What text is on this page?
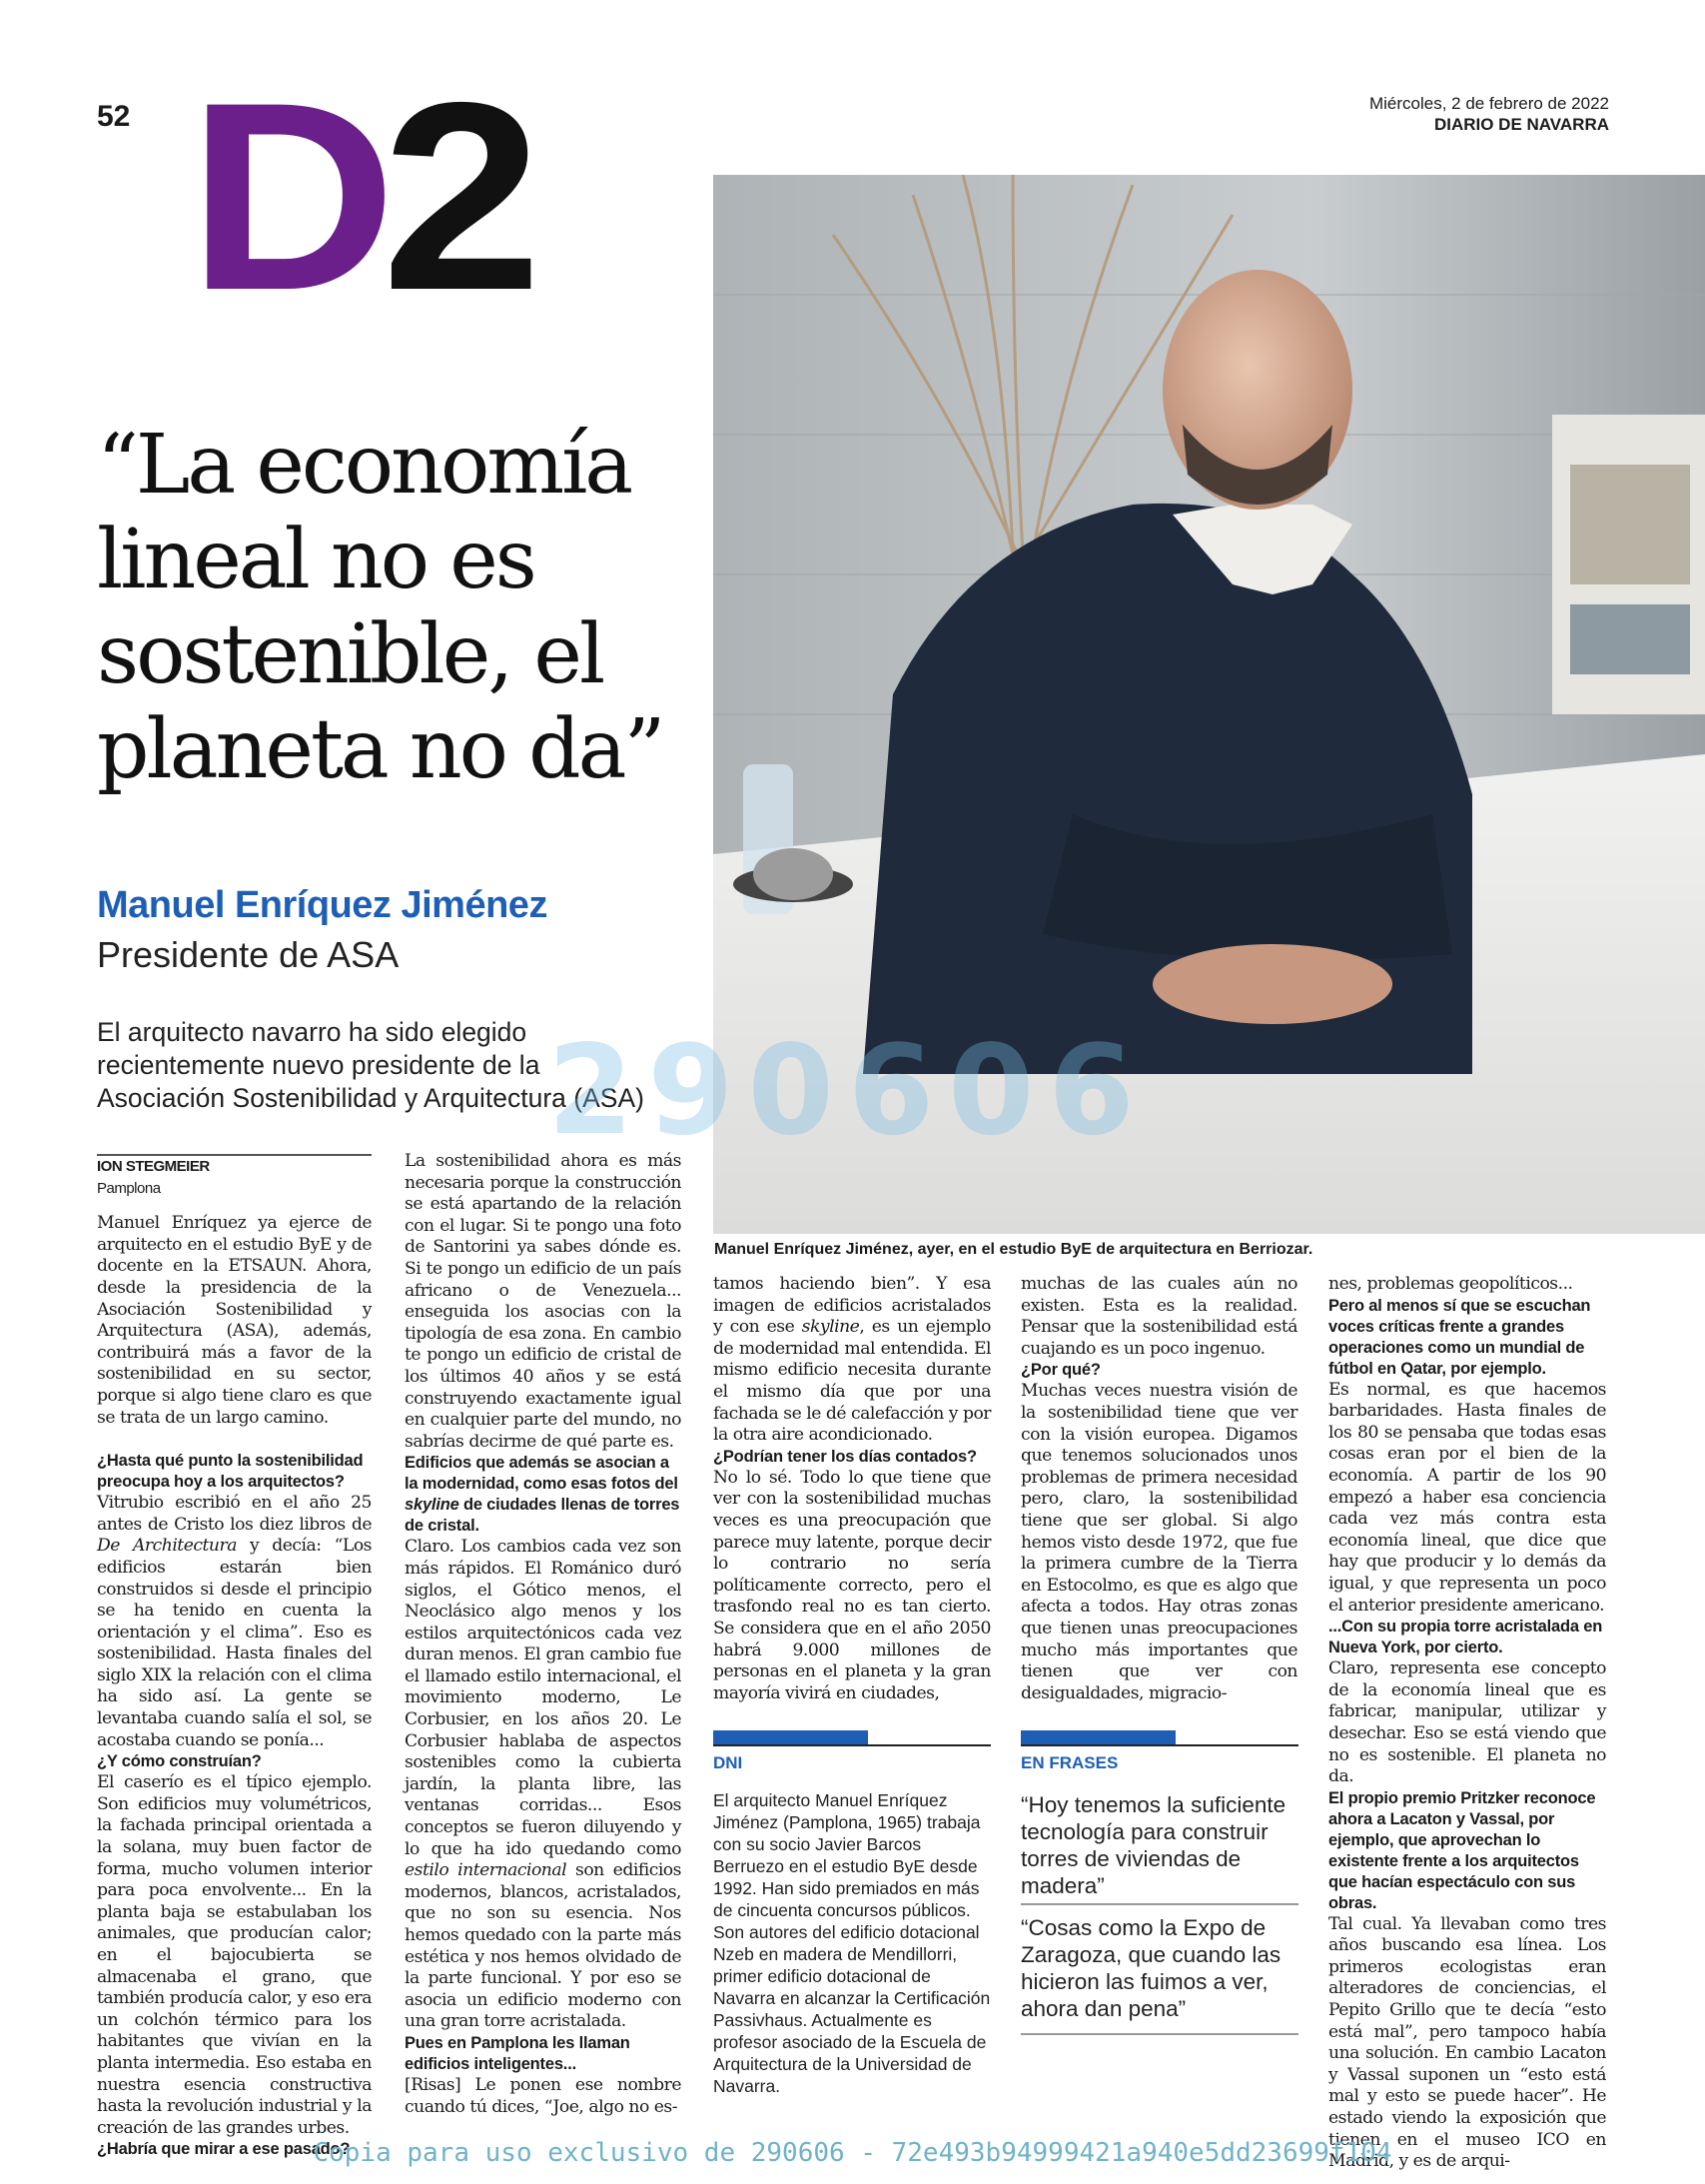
52 D2	Miércoles, 2 de febrero de 2022
DIARIO DE NAVARRA
“La economía lineal no es sostenible, el planeta no da”
Manuel Enríquez Jiménez
Presidente de ASA
El arquitecto navarro ha sido elegido recientemente nuevo presidente de la Asociación Sostenibilidad y Arquitectura (ASA)
290606
Manuel Enríquez Jiménez, ayer, en el estudio ByE de arquitectura en Berriozar.
ION STEGMEIER
Pamplona

Manuel Enríquez ya ejerce de arquitecto en el estudio ByE y de docente en la ETSAUN. Ahora, desde la presidencia de la Asociación Sostenibilidad y Arquitectura (ASA), además, contribuirá más a favor de la sostenibilidad en su sector, porque si algo tiene claro es que se trata de un largo camino.

¿Hasta qué punto la sostenibilidad preocupa hoy a los arquitectos?

Vitrubio escribió en el año 25 antes de Cristo los diez libros de De Architectura y decía: “Los edificios estarán bien construidos si desde el principio se ha tenido en cuenta la orientación y el clima”. Eso es sostenibilidad. Hasta finales del siglo XIX la relación con el clima ha sido así. La gente se levantaba cuando salía el sol, se acostaba cuando se ponía...

¿Y cómo construían?

El caserío es el típico ejemplo. Son edificios muy volumétricos, la fachada principal orientada a la solana, muy buen factor de forma, mucho volumen interior para poca envolvente... En la planta baja se estabulaban los animales, que producían calor; en el bajocubierta se almacenaba el grano, que también producía calor, y eso era un colchón térmico para los habitantes que vivían en la planta intermedia. Eso estaba en nuestra esencia constructiva hasta la revolución industrial y la creación de las grandes urbes.

¿Habría que mirar a ese pasado?

La sostenibilidad ahora es más necesaria porque la construcción se está apartando de la relación con el lugar. Si te pongo una foto de Santorini ya sabes dónde es. Si te pongo un edificio de un país africano o de Venezuela... enseguida los asocias con la tipología de esa zona. En cambio te pongo un edificio de cristal de los últimos 40 años y se está construyendo exactamente igual en cualquier parte del mundo, no sabrías decirme de qué parte es.

Edificios que además se asocian a la modernidad, como esas fotos del skyline de ciudades llenas de torres de cristal.

Claro. Los cambios cada vez son más rápidos. El Románico duró siglos, el Gótico menos, el Neoclásico algo menos y los estilos arquitectónicos cada vez duran menos. El gran cambio fue el llamado estilo internacional, el movimiento moderno, Le Corbusier, en los años 20. Le Corbusier hablaba de aspectos sostenibles como la cubierta jardín, la planta libre, las ventanas corridas... Esos conceptos se fueron diluyendo y lo que ha ido quedando como estilo internacional son edificios modernos, blancos, acristalados, que no son su esencia. Nos hemos quedado con la parte más estética y nos hemos olvidado de la parte funcional. Y por eso se asocia un edificio moderno con una gran torre acristalada.

Pues en Pamplona les llaman edificios inteligentes...

[Risas] Le ponen ese nombre cuando tú dices, “Joe, algo no es-

tamos haciendo bien”. Y esa imagen de edificios acristalados y con ese skyline, es un ejemplo de modernidad mal entendida. El mismo edificio necesita durante el mismo día que por una fachada se le dé calefacción y por la otra aire acondicionado.

¿Podrían tener los días contados?

No lo sé. Todo lo que tiene que ver con la sostenibilidad muchas veces es una preocupación que parece muy latente, porque decir lo contrario no sería políticamente correcto, pero el trasfondo real no es tan cierto. Se considera que en el año 2050 habrá 9.000 millones de personas en el planeta y la gran mayoría vivirá en ciudades,

DNI
El arquitecto Manuel Enríquez Jiménez (Pamplona, 1965) trabaja con su socio Javier Barcos Berruezo en el estudio ByE desde 1992. Han sido premiados en más de cincuenta concursos públicos. Son autores del edificio dotacional Nzeb en madera de Mendillorri, primer edificio dotacional de Navarra en alcanzar la Certificación Passivhaus. Actualmente es profesor asociado de la Escuela de Arquitectura de la Universidad de Navarra.

muchas de las cuales aún no existen. Esta es la realidad. Pensar que la sostenibilidad está cuajando es un poco ingenuo.

¿Por qué?

Muchas veces nuestra visión de la sostenibilidad tiene que ver con la visión europea. Digamos que tenemos solucionados unos problemas de primera necesidad pero, claro, la sostenibilidad tiene que ser global. Si algo hemos visto desde 1972, que fue la primera cumbre de la Tierra en Estocolmo, es que es algo que afecta a todos. Hay otras zonas que tienen unas preocupaciones mucho más importantes que tienen que ver con desigualdades, migracio-

EN FRASES
“Hoy tenemos la suficiente tecnología para construir torres de viviendas de madera”
“Cosas como la Expo de Zaragoza, que cuando las hicieron las fuimos a ver, ahora dan pena”

nes, problemas geopolíticos...

Pero al menos sí que se escuchan voces críticas frente a grandes operaciones como un mundial de fútbol en Qatar, por ejemplo.

Es normal, es que hacemos barbaridades. Hasta finales de los 80 se pensaba que todas esas cosas eran por el bien de la economía. A partir de los 90 empezó a haber esa conciencia cada vez más contra esta economía lineal, que dice que hay que producir y lo demás da igual, y que representa un poco el anterior presidente americano.

...Con su propia torre acristalada en Nueva York, por cierto.

Claro, representa ese concepto de la economía lineal que es fabricar, manipular, utilizar y desechar. Eso se está viendo que no es sostenible. El planeta no da.

El propio premio Pritzker reconoce ahora a Lacaton y Vassal, por ejemplo, que aprovechan lo existente frente a los arquitectos que hacían espectáculo con sus obras.

Tal cual. Ya llevaban como tres años buscando esa línea. Los primeros ecologistas eran alteradores de conciencias, el Pepito Grillo que te decía “esto está mal”, pero tampoco había una solución. En cambio Lacaton y Vassal suponen un “esto está mal y esto se puede hacer”. He estado viendo la exposición que tienen en el museo ICO en Madrid, y es de arqui-

Copia para uso exclusivo de 290606 - 72e493b94999421a940e5dd23699f104
